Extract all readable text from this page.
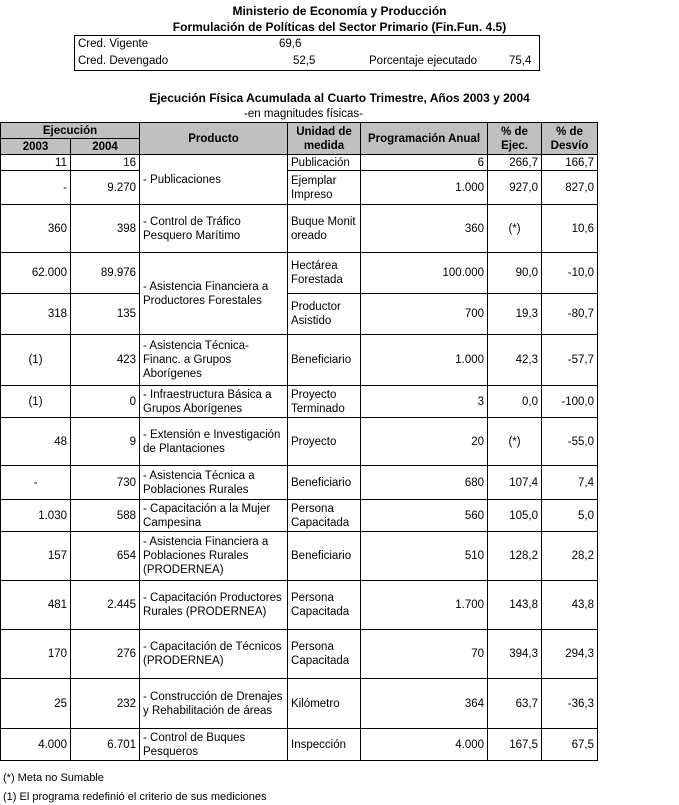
Ministerio de Economía y Producción
Formulación de Políticas del Sector Primario (Fin.Fun. 4.5)
Cred. Vigente	69,6
Cred. Devengado	52,5	Porcentaje ejecutado	75,4
Ejecución Física Acumulada al Cuarto Trimestre, Años 2003 y 2004
-en magnitudes físicas-
Ejecución		Producto	Unidad de medida	Programación Anual	% de Ejec.	% de Desvío
2003	2004					
11	16	- Publicaciones	Publicación	6	266,7	166,7
-	9.270		Ejemplar Impreso	1.000	927,0	827,0
360	398	- Control de Tráfico Pesquero Marítimo	Buque Monitoreado	360	(*)	10,6
62.000	89.976	- Asistencia Financiera a Productores Forestales	Hectárea Forestada	100.000	90,0	-10,0
318	135		Productor Asistido	700	19,3	-80,7
(1)	423	- Asistencia Técnica-Financ. a Grupos Aborígenes	Beneficiario	1.000	42,3	-57,7
(1)	0	- Infraestructura Básica a Grupos Aborígenes	Proyecto Terminado	3	0,0	-100,0
48	9	- Extensión e Investigación de Plantaciones	Proyecto	20	(*)	-55,0
-	730	- Asistencia Técnica a Poblaciones Rurales	Beneficiario	680	107,4	7,4
1.030	588	- Capacitación a la Mujer Campesina	Persona Capacitada	560	105,0	5,0
157	654	- Asistencia Financiera a Poblaciones Rurales (PRODERNEA)	Beneficiario	510	128,2	28,2
481	2.445	- Capacitación Productores Rurales (PRODERNEA)	Persona Capacitada	1.700	143,8	43,8
170	276	- Capacitación de Técnicos (PRODERNEA)	Persona Capacitada	70	394,3	294,3
25	232	- Construcción de Drenajes y Rehabilitación de áreas	Kilómetro	364	63,7	-36,3
4.000	6.701	- Control de Buques Pesqueros	Inspección	4.000	167,5	67,5
(*) Meta no Sumable
(1) El programa redefinió el criterio de sus mediciones
